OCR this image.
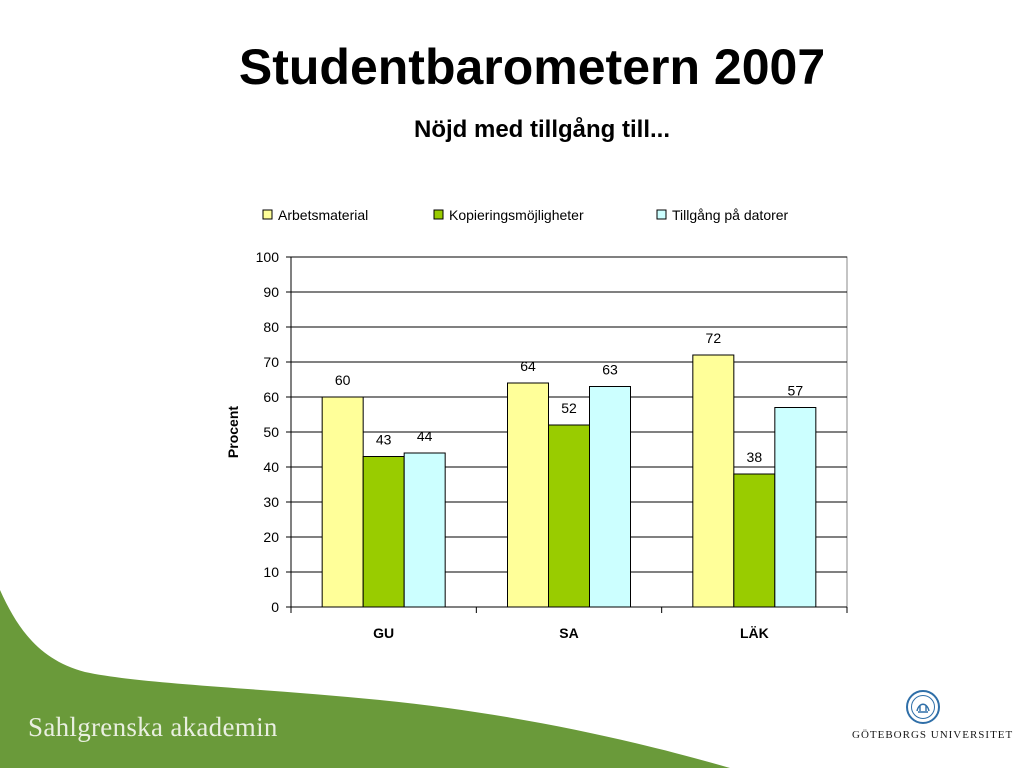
Studentbarometern 2007
Nöjd med tillgång till...
0
10
20
30
40
50
60
70
80
90
100
Procent
60
43 44
GU
64
52
63
SA
72
38
57
LÄK
Arbetsmaterial	Kopieringsmöjligheter	Tillgång på datorer
Sahlgrenska akademin	GÖTEBORGS UNIVERSITET
